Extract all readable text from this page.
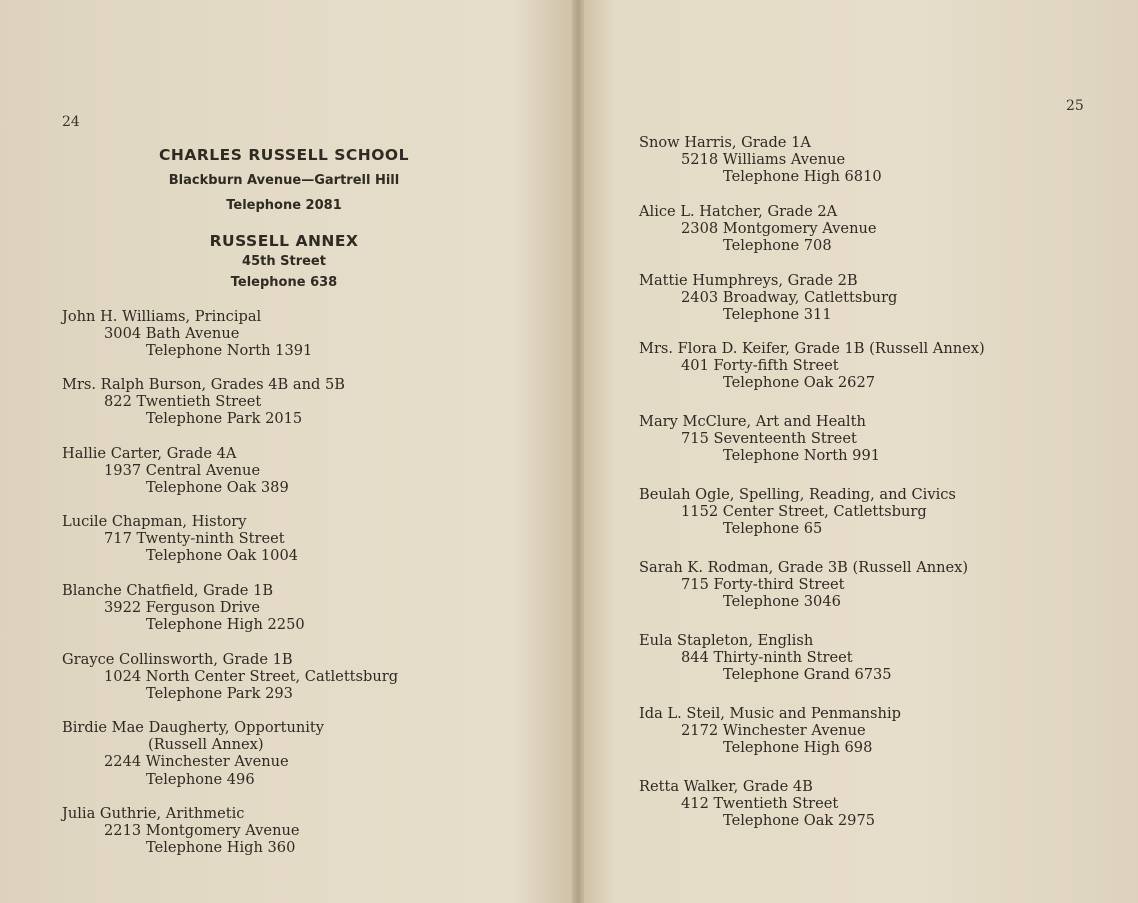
24
CHARLES RUSSELL SCHOOL
Blackburn Avenue—Gartrell Hill
Telephone 2081
RUSSELL ANNEX
45th Street
Telephone 638
John H. Williams, Principal
3004 Bath Avenue
Telephone North 1391
Mrs. Ralph Burson, Grades 4B and 5B
822 Twentieth Street
Telephone Park 2015
Hallie Carter, Grade 4A
1937 Central Avenue
Telephone Oak 389
Lucile Chapman, History
717 Twenty-ninth Street
Telephone Oak 1004
Blanche Chatfield, Grade 1B
3922 Ferguson Drive
Telephone High 2250
Grayce Collinsworth, Grade 1B
1024 North Center Street, Catlettsburg
Telephone Park 293
Birdie Mae Daugherty, Opportunity
(Russell Annex)
2244 Winchester Avenue
Telephone 496
Julia Guthrie, Arithmetic
2213 Montgomery Avenue
Telephone High 360
25
Snow Harris, Grade 1A
5218 Williams Avenue
Telephone High 6810
Alice L. Hatcher, Grade 2A
2308 Montgomery Avenue
Telephone 708
Mattie Humphreys, Grade 2B
2403 Broadway, Catlettsburg
Telephone 311
Mrs. Flora D. Keifer, Grade 1B (Russell Annex)
401 Forty-fifth Street
Telephone Oak 2627
Mary McClure, Art and Health
715 Seventeenth Street
Telephone North 991
Beulah Ogle, Spelling, Reading, and Civics
1152 Center Street, Catlettsburg
Telephone 65
Sarah K. Rodman, Grade 3B (Russell Annex)
715 Forty-third Street
Telephone 3046
Eula Stapleton, English
844 Thirty-ninth Street
Telephone Grand 6735
Ida L. Steil, Music and Penmanship
2172 Winchester Avenue
Telephone High 698
Retta Walker, Grade 4B
412 Twentieth Street
Telephone Oak 2975
